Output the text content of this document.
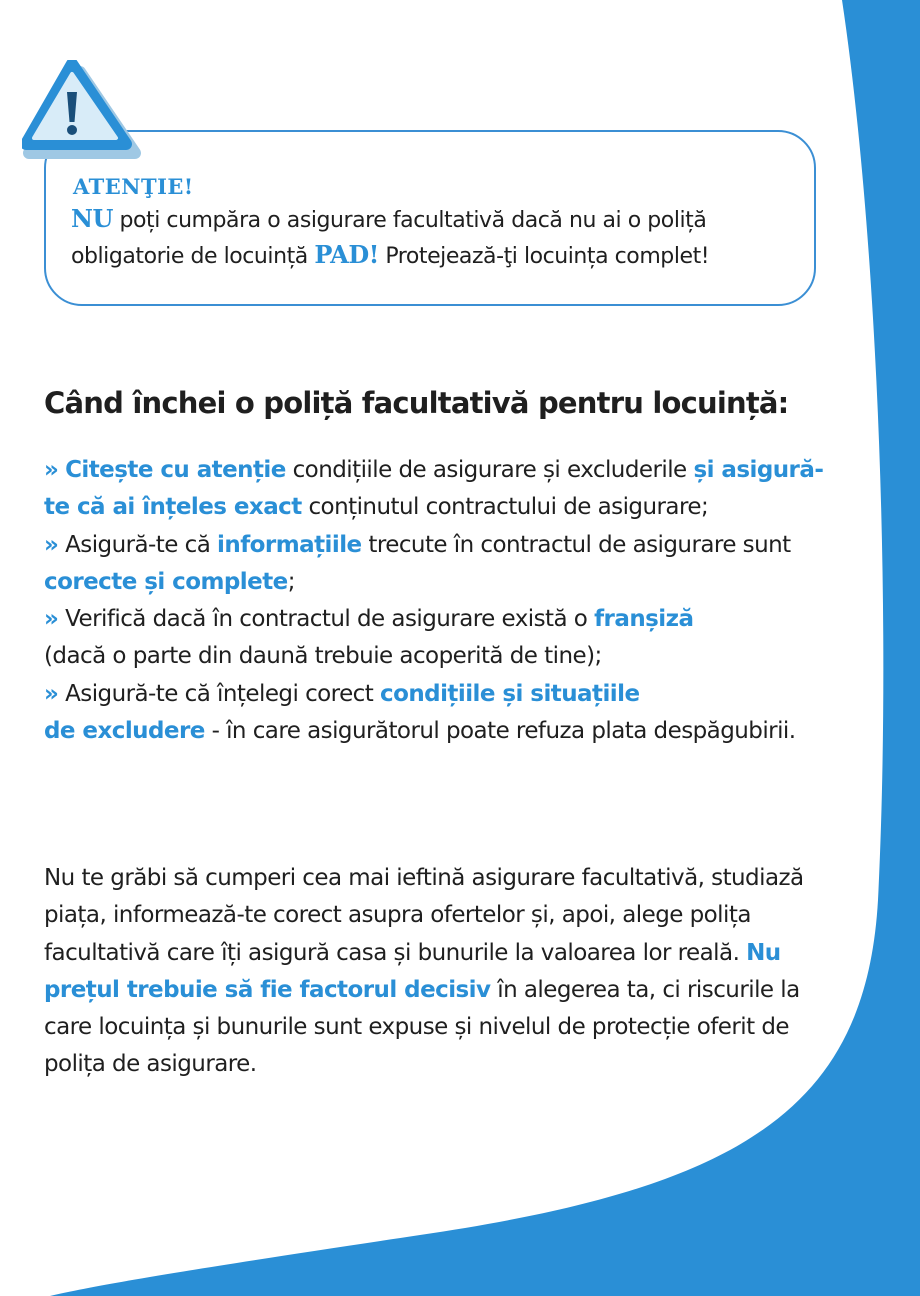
ATENŢIE!
NU poți cumpăra o asigurare facultativă dacă nu ai o poliță obligatorie de locuință PAD! Protejează-ţi locuința complet!
Când închei o poliță facultativă pentru locuință:

» Citește cu atenție condițiile de asigurare și excluderile și asigură-te că ai înțeles exact conținutul contractului de asigurare;

» Asigură-te că informațiile trecute în contractul de asigurare sunt corecte și complete;

» Verifică dacă în contractul de asigurare există o franșiză
(dacă o parte din daună trebuie acoperită de tine);

» Asigură-te că înțelegi corect condițiile și situațiile
de excludere - în care asigurătorul poate refuza plata despăgubirii.

Nu te grăbi să cumperi cea mai ieftină asigurare facultativă, studiază piața, informează-te corect asupra ofertelor și, apoi, alege polița facultativă care îți asigură casa și bunurile la valoarea lor reală. Nu prețul trebuie să fie factorul decisiv în alegerea ta, ci riscurile la care locuința și bunurile sunt expuse și nivelul de protecție oferit de polița de asigurare.
